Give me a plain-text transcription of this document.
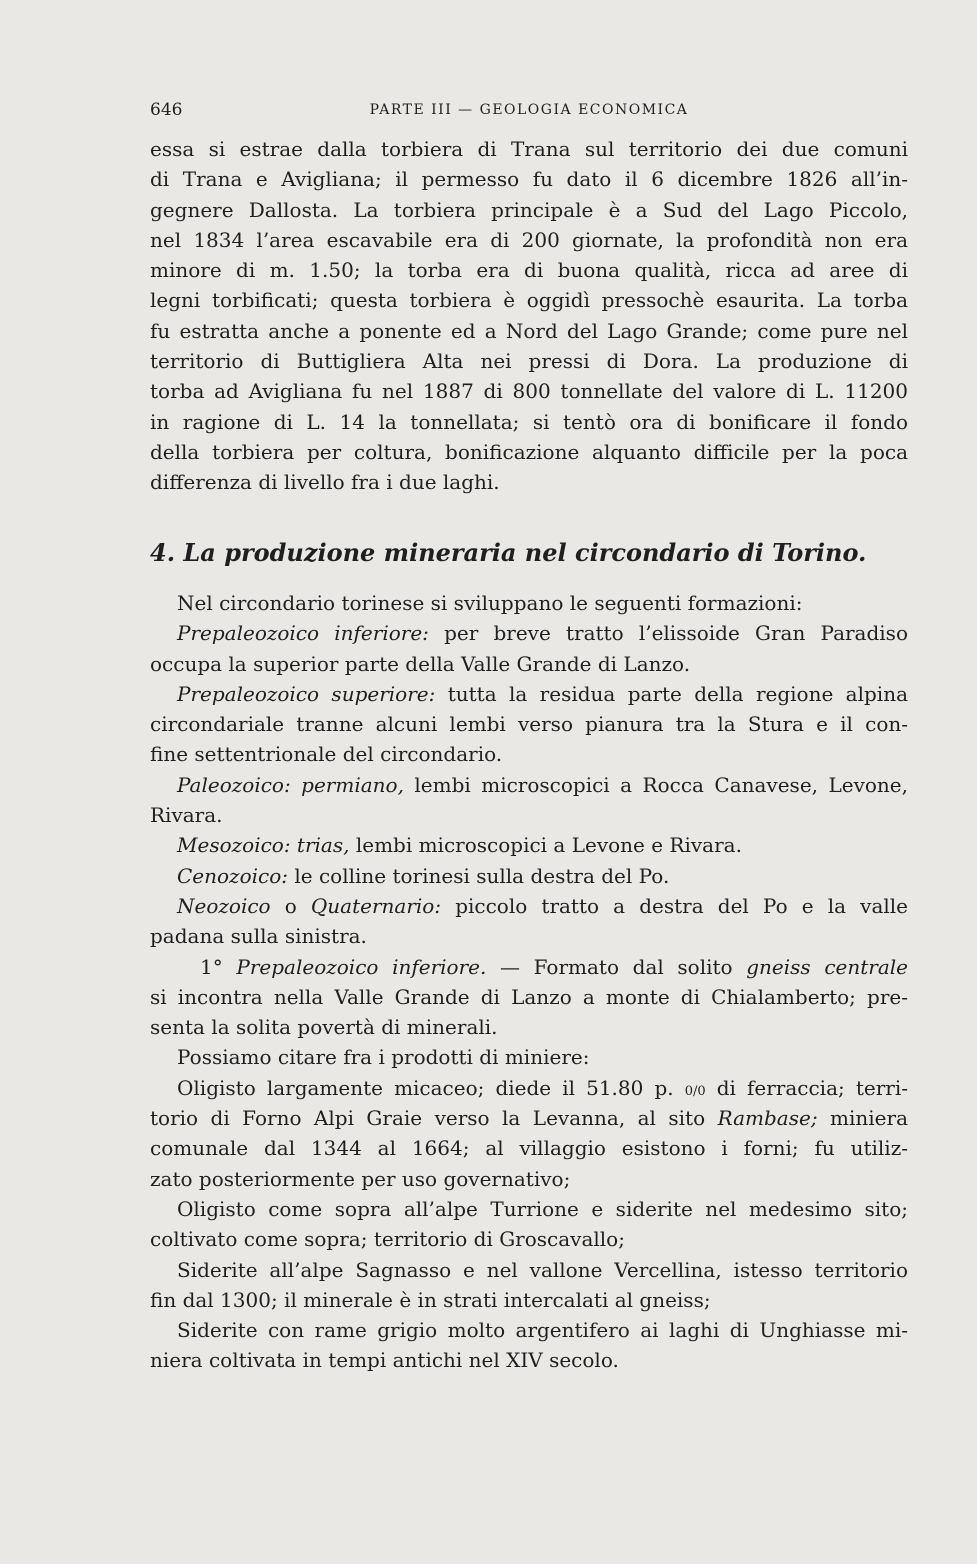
646	PARTE III — GEOLOGIA ECONOMICA
essa si estrae dalla torbiera di Trana sul territorio dei due comuni
di Trana e Avigliana; il permesso fu dato il 6 dicembre 1826 all’in-
gegnere Dallosta. La torbiera principale è a Sud del Lago Piccolo,
nel 1834 l’area escavabile era di 200 giornate, la profondità non era
minore di m. 1.50; la torba era di buona qualità, ricca ad aree di
legni torbificati; questa torbiera è oggidì pressochè esaurita. La torba
fu estratta anche a ponente ed a Nord del Lago Grande; come pure nel
territorio di Buttigliera Alta nei pressi di Dora. La produzione di
torba ad Avigliana fu nel 1887 di 800 tonnellate del valore di L. 11200
in ragione di L. 14 la tonnellata; si tentò ora di bonificare il fondo
della torbiera per coltura, bonificazione alquanto difficile per la poca
differenza di livello fra i due laghi.
4. La produzione mineraria nel circondario di Torino.
Nel circondario torinese si sviluppano le seguenti formazioni:
Prepaleozoico inferiore: per breve tratto l’elissoide Gran Paradiso
occupa la superior parte della Valle Grande di Lanzo.
Prepaleozoico superiore: tutta la residua parte della regione alpina
circondariale tranne alcuni lembi verso pianura tra la Stura e il con-
fine settentrionale del circondario.
Paleozoico: permiano, lembi microscopici a Rocca Canavese, Levone,
Rivara.
Mesozoico: trias, lembi microscopici a Levone e Rivara.
Cenozoico: le colline torinesi sulla destra del Po.
Neozoico o Quaternario: piccolo tratto a destra del Po e la valle
padana sulla sinistra.
1° Prepaleozoico inferiore. — Formato dal solito gneiss centrale
si incontra nella Valle Grande di Lanzo a monte di Chialamberto; pre-
senta la solita povertà di minerali.
Possiamo citare fra i prodotti di miniere:
Oligisto largamente micaceo; diede il 51.80 p. 0/0 di ferraccia; terri-
torio di Forno Alpi Graie verso la Levanna, al sito Rambase; miniera
comunale dal 1344 al 1664; al villaggio esistono i forni; fu utiliz-
zato posteriormente per uso governativo;
Oligisto come sopra all’alpe Turrione e siderite nel medesimo sito;
coltivato come sopra; territorio di Groscavallo;
Siderite all’alpe Sagnasso e nel vallone Vercellina, istesso territorio
fin dal 1300; il minerale è in strati intercalati al gneiss;
Siderite con rame grigio molto argentifero ai laghi di Unghiasse mi-
niera coltivata in tempi antichi nel XIV secolo.
